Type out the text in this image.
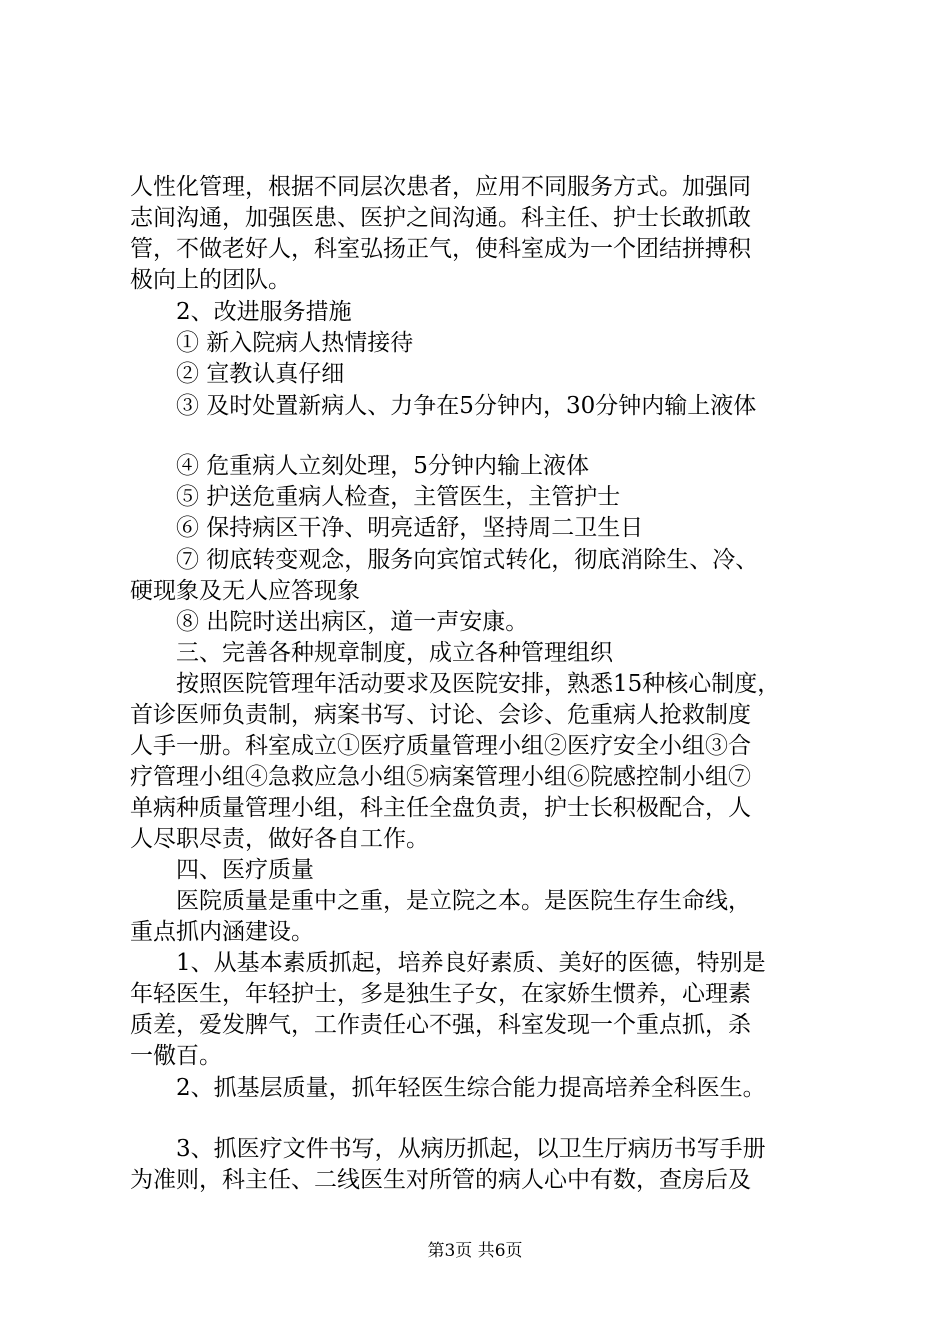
人性化管理，根据不同层次患者，应用不同服务方式。加强同
志间沟通，加强医患、医护之间沟通。科主任、护士长敢抓敢
管，不做老好人，科室弘扬正气，使科室成为一个团结拼搏积
极向上的团队。
　　2、改进服务措施
　　① 新入院病人热情接待
　　② 宣教认真仔细
　　③ 及时处置新病人、力争在5分钟内，30分钟内输上液体
　　④ 危重病人立刻处理，5分钟内输上液体
　　⑤ 护送危重病人检查，主管医生，主管护士
　　⑥ 保持病区干净、明亮适舒，坚持周二卫生日
　　⑦ 彻底转变观念，服务向宾馆式转化，彻底消除生、冷、
硬现象及无人应答现象
　　⑧ 出院时送出病区，道一声安康。
　　三、完善各种规章制度，成立各种管理组织
　　按照医院管理年活动要求及医院安排，熟悉15种核心制度，
首诊医师负责制，病案书写、讨论、会诊、危重病人抢救制度
人手一册。科室成立①医疗质量管理小组②医疗安全小组③合
疗管理小组④急救应急小组⑤病案管理小组⑥院感控制小组⑦
单病种质量管理小组，科主任全盘负责，护士长积极配合，人
人尽职尽责，做好各自工作。
　　四、医疗质量
　　医院质量是重中之重，是立院之本。是医院生存生命线，
重点抓内涵建设。
　　1、从基本素质抓起，培养良好素质、美好的医德，特别是
年轻医生，年轻护士，多是独生子女，在家娇生惯养，心理素
质差，爱发脾气，工作责任心不强，科室发现一个重点抓，杀
一儆百。
　　2、抓基层质量，抓年轻医生综合能力提高培养全科医生。
　　3、抓医疗文件书写，从病历抓起，以卫生厅病历书写手册
为准则，科主任、二线医生对所管的病人心中有数，查房后及
第3页 共6页
